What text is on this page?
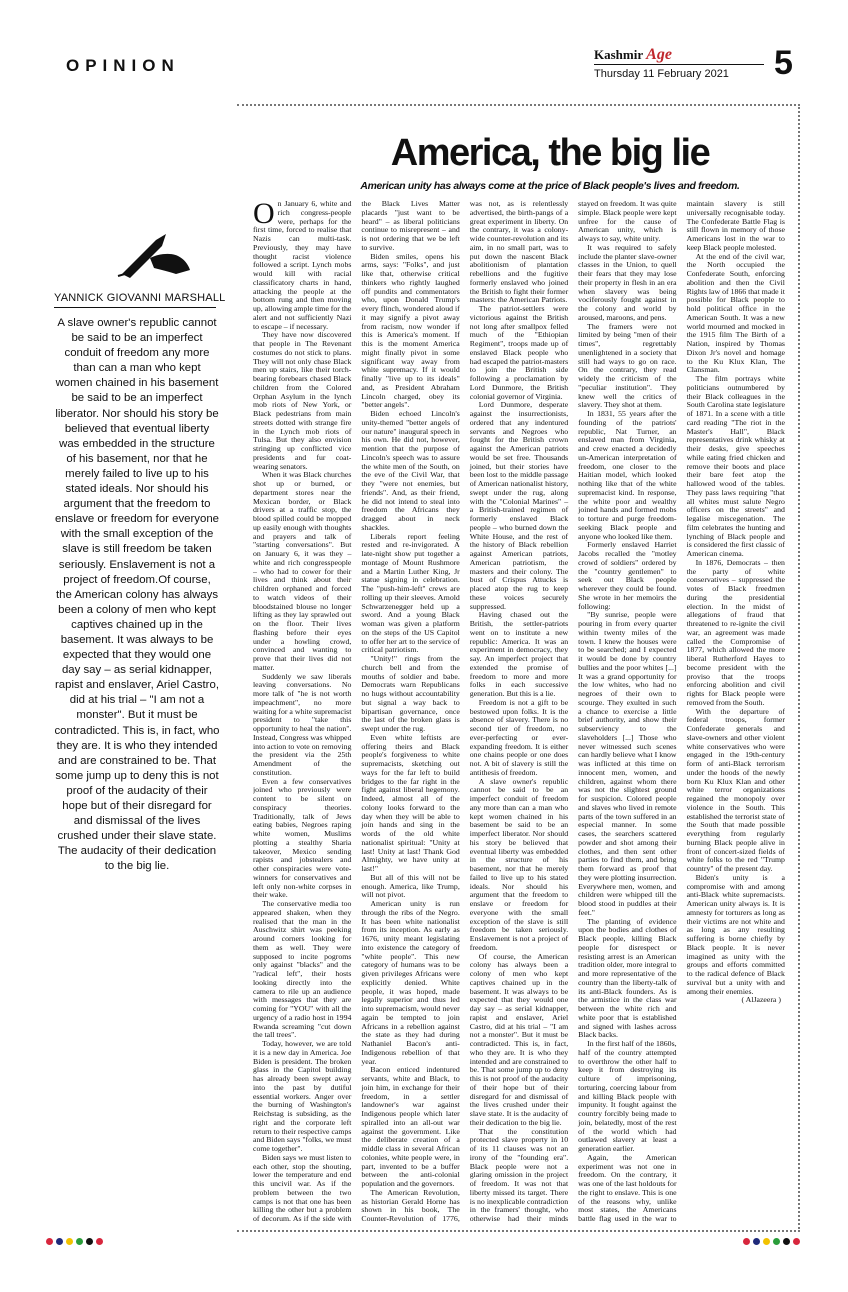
OPINION
Kashmir Age
Thursday 11 February 2021	5
YANNICK GIOVANNI MARSHALL
A slave owner's republic cannot be said to be an imperfect conduit of freedom any more than can a man who kept women chained in his basement be said to be an imperfect liberator. Nor should his story be believed that eventual liberty was embedded in the structure of his basement, nor that he merely failed to live up to his stated ideals. Nor should his argument that the freedom to enslave or freedom for everyone with the small exception of the slave is still freedom be taken seriously. Enslavement is not a project of freedom.Of course, the American colony has always been a colony of men who kept captives chained up in the basement. It was always to be expected that they would one day say – as serial kidnapper, rapist and enslaver, Ariel Castro, did at his trial – "I am not a monster". But it must be contradicted. This is, in fact, who they are. It is who they intended and are constrained to be. That some jump up to deny this is not proof of the audacity of their hope but of their disregard for and dismissal of the lives crushed under their slave state. The audacity of their dedication to the big lie.
America, the big lie
American unity has always come at the price of Black people's lives and freedom.

On January 6, white and rich congress-people were, perhaps for the first time, forced to realise that Nazis can multi-task. Previously, they may have thought racist violence followed a script. Lynch mobs would kill with racial classificatory charts in hand, attacking the people at the bottom rung and then moving up, allowing ample time for the alert and not sufficiently Nazi to escape – if necessary.

They have now discovered that people in The Revenant costumes do not stick to plans. They will not only chase Black men up stairs, like their torch-bearing forebears chased Black children from the Colored Orphan Asylum in the lynch mob riots of New York, or Black pedestrians from main streets dotted with strange fire in the Lynch mob riots of Tulsa. But they also envision stringing up conflicted vice presidents and fur coat-wearing senators.

When it was Black churches shot up or burned, or department stores near the Mexican border, or Black drivers at a traffic stop, the blood spilled could be mopped up easily enough with thoughts and prayers and talk of "starting conversations". But on January 6, it was they – white and rich congresspeople – who had to cower for their lives and think about their children orphaned and forced to watch videos of their bloodstained blouse no longer lifting as they lay sprawled out on the floor. Their lives flashing before their eyes under a howling crowd, convinced and wanting to prove that their lives did not matter.

Suddenly we saw liberals leaving conversations. No more talk of "he is not worth impeachment", no more waiting for a white supremacist president to "take this opportunity to heal the nation". Instead, Congress was whipped into action to vote on removing the president via the 25th Amendment of the constitution.

Even a few conservatives joined who previously were content to be silent on conspiracy theories. Traditionally, talk of Jews eating babies, Negroes raping white women, Muslims plotting a stealthy Sharia takeover, Mexico sending rapists and jobstealers and other conspiracies were vote-winners for conservatives and left only non-white corpses in their wake.

The conservative media too appeared shaken, when they realised that the man in the Auschwitz shirt was peeking around corners looking for them as well. They were supposed to incite pogroms only against "blacks" and the "radical left", their hosts looking directly into the camera to rile up an audience with messages that they are coming for "YOU" with all the urgency of a radio host in 1994 Rwanda screaming "cut down the tall trees".

Today, however, we are told it is a new day in America. Joe Biden is president. The broken glass in the Capitol building has already been swept away into the past by dutiful essential workers. Anger over the burning of Washington's Reichstag is subsiding, as the right and the corporate left return to their respective camps and Biden says "folks, we must come together".

Biden says we must listen to each other, stop the shouting, lower the temperature and end this uncivil war. As if the problem between the two camps is not that one has been killing the other but a problem of decorum. As if the side with the Black Lives Matter placards "just want to be heard" – as liberal politicians continue to misrepresent – and is not ordering that we be left to survive.

Biden smiles, opens his arms, says: "Folks", and just like that, otherwise critical thinkers who rightly laughed off pundits and commentators who, upon Donald Trump's every flinch, wondered aloud if it may signify a pivot away from racism, now wonder if this is America's moment. If this is the moment America might finally pivot in some significant way away from white supremacy. If it would finally "live up to its ideals" and, as President Abraham Lincoln charged, obey its "better angels".

Biden echoed Lincoln's unity-themed "better angels of our nature" inaugural speech in his own. He did not, however, mention that the purpose of Lincoln's speech was to assure the white men of the South, on the eve of the Civil War, that they "were not enemies, but friends". And, as their friend, he did not intend to steal into freedom the Africans they dragged about in neck shackles.

Liberals report feeling rested and re-invigorated. A late-night show put together a montage of Mount Rushmore and a Martin Luther King, Jr statue signing in celebration. The "push-him-left" crews are rolling up their sleeves. Arnold Schwarzenegger held up a sword. And a young Black woman was given a platform on the steps of the US Capitol to offer her art to the service of critical patriotism.

"Unity!" rings from the church bell and from the mouths of soldier and babe. Democrats warn Republicans no hugs without accountability but signal a way back to bipartisan governance, once the last of the broken glass is swept under the rug.

Even white leftists are offering theirs and Black people's forgiveness to white supremacists, sketching out ways for the far left to build bridges to the far right in the fight against liberal hegemony. Indeed, almost all of the colony looks forward to the day when they will be able to join hands and sing in the words of the old white nationalist spiritual: "Unity at last! Unity at last! Thank God Almighty, we have unity at last!"

But all of this will not be enough. America, like Trump, will not pivot.

American unity is run through the ribs of the Negro. It has been white nationalist from its inception. As early as 1676, unity meant legislating into existence the category of "white people". This new category of humans was to be given privileges Africans were explicitly denied. White people, it was hoped, made legally superior and thus led into supremacism, would never again be tempted to join Africans in a rebellion against the state as they had during Nathaniel Bacon's anti-Indigenous rebellion of that year.

Bacon enticed indentured servants, white and Black, to join him, in exchange for their freedom, in a settler landowner's war against Indigenous people which later spiralled into an all-out war against the government. Like the deliberate creation of a middle class in several African colonies, white people were, in part, invented to be a buffer between the anti-colonial population and the governors.

The American Revolution, as historian Gerald Horne has shown in his book, The Counter-Revolution of 1776, was not, as is relentlessly advertised, the birth-pangs of a great experiment in liberty. On the contrary, it was a colony-wide counter-revolution and its aim, in no small part, was to put down the nascent Black abolitionism of plantation rebellions and the fugitive formerly enslaved who joined the British to fight their former masters: the American Patriots.

The patriot-settlers were victorious against the British not long after smallpox felled much of the "Ethiopian Regiment", troops made up of enslaved Black people who had escaped the patriot-masters to join the British side following a proclamation by Lord Dunmore, the British colonial governor of Virginia.

Lord Dunmore, desperate against the insurrectionists, ordered that any indentured servants and Negroes who fought for the British crown against the American patriots would be set free. Thousands joined, but their stories have been lost to the middle passage of American nationalist history, swept under the rug, along with the "Colonial Marines" – a British-trained regimen of formerly enslaved Black people – who burned down the White House, and the rest of the history of Black rebellion against American patriots, American patriotism, the masters and their colony. The bust of Crispus Attucks is placed atop the rug to keep these voices securely suppressed.

Having chased out the British, the settler-patriots went on to institute a new republic: America. It was an experiment in democracy, they say. An imperfect project that extended the promise of freedom to more and more folks in each successive generation. But this is a lie.

Freedom is not a gift to be bestowed upon folks. It is the absence of slavery. There is no second tier of freedom, no ever-perfecting or ever-expanding freedom. It is either one chains people or one does not. A bit of slavery is still the antithesis of freedom.

A slave owner's republic cannot be said to be an imperfect conduit of freedom any more than can a man who kept women chained in his basement be said to be an imperfect liberator. Nor should his story be believed that eventual liberty was embedded in the structure of his basement, nor that he merely failed to live up to his stated ideals. Nor should his argument that the freedom to enslave or freedom for everyone with the small exception of the slave is still freedom be taken seriously. Enslavement is not a project of freedom.

Of course, the American colony has always been a colony of men who kept captives chained up in the basement. It was always to be expected that they would one day say – as serial kidnapper, rapist and enslaver, Ariel Castro, did at his trial – "I am not a monster". But it must be contradicted. This is, in fact, who they are. It is who they intended and are constrained to be. That some jump up to deny this is not proof of the audacity of their hope but of their disregard for and dismissal of the lives crushed under their slave state. It is the audacity of their dedication to the big lie.

That the constitution protected slave property in 10 of its 11 clauses was not an irony of the "founding era". Black people were not a glaring omission in the project of freedom. It was not that liberty missed its target. There is no inexplicable contradiction in the framers' thought, who otherwise had their minds stayed on freedom. It was quite simple. Black people were kept unfree for the cause of American unity, which is always to say, white unity.

It was required to safely include the planter slave-owner classes in the Union, to quell their fears that they may lose their property in flesh in an era when slavery was being vociferously fought against in the colony and world by aroused, maroons, and pens.

The framers were not limited by being "men of their times", regrettably unenlightened in a society that still had ways to go on race. On the contrary, they read widely the criticism of the "peculiar institution". They knew well the critics of slavery. They shot at them.

In 1831, 55 years after the founding of the patriots' republic, Nat Turner, an enslaved man from Virginia, and crew enacted a decidedly un-American interpretation of freedom, one closer to the Haitian model, which looked nothing like that of the white supremacist kind. In response, the white poor and wealthy joined hands and formed mobs to torture and purge freedom-seeking Black people and anyone who looked like them.

Formerly enslaved Harriet Jacobs recalled the "motley crowd of soldiers" ordered by the "country gentlemen" to seek out Black people wherever they could be found. She wrote in her memoirs the following:

"By sunrise, people were pouring in from every quarter within twenty miles of the town. I knew the houses were to be searched; and I expected it would be done by country bullies and the poor whites [...] It was a grand opportunity for the low whites, who had no negroes of their own to scourge. They exulted in such a chance to exercise a little brief authority, and show their subserviency to the slaveholders [...] Those who never witnessed such scenes can hardly believe what I know was inflicted at this time on innocent men, women, and children, against whom there was not the slightest ground for suspicion. Colored people and slaves who lived in remote parts of the town suffered in an especial manner. In some cases, the searchers scattered powder and shot among their clothes, and then sent other parties to find them, and bring them forward as proof that they were plotting insurrection. Everywhere men, women, and children were whipped till the blood stood in puddles at their feet."

The planting of evidence upon the bodies and clothes of Black people, killing Black people for disrespect or resisting arrest is an American tradition older, more integral to and more representative of the country than the liberty-talk of its anti-Black founders. As is the armistice in the class war between the white rich and white poor that is established and signed with lashes across Black backs.

In the first half of the 1860s, half of the country attempted to overthrow the other half to keep it from destroying its culture of imprisoning, torturing, coercing labour from and killing Black people with impunity. It fought against the country forcibly being made to join, belatedly, most of the rest of the world which had outlawed slavery at least a generation earlier.

Again, the American experiment was not one in freedom. On the contrary, it was one of the last holdouts for the right to enslave. This is one of the reasons why, unlike most states, the Americans battle flag used in the war to maintain slavery is still universally recognisable today. The Confederate Battle Flag is still flown in memory of those Americans lost in the war to keep Black people molested.

At the end of the civil war, the North occupied the Confederate South, enforcing abolition and then the Civil Rights law of 1866 that made it possible for Black people to hold political office in the American South. It was a new world mourned and mocked in the 1915 film The Birth of a Nation, inspired by Thomas Dixon Jr's novel and homage to the Ku Klux Klan, The Clansman.

The film portrays white politicians outnumbered by their Black colleagues in the South Carolina state legislature of 1871. In a scene with a title card reading "The riot in the Master's Hall", Black representatives drink whisky at their desks, give speeches while eating fried chicken and remove their boots and place their bare feet atop the hallowed wood of the tables. They pass laws requiring "that all whites must salute Negro officers on the streets" and legalise miscegenation. The film celebrates the hunting and lynching of Black people and is considered the first classic of American cinema.

In 1876, Democrats – then the party of white conservatives – suppressed the votes of Black freedmen during the presidential election. In the midst of allegations of fraud that threatened to re-ignite the civil war, an agreement was made called the Compromise of 1877, which allowed the more liberal Rutherford Hayes to become president with the proviso that the troops enforcing abolition and civil rights for Black people were removed from the South.

With the departure of federal troops, former Confederate generals and slave-owners and other violent white conservatives who were engaged in the 19th-century form of anti-Black terrorism under the hoods of the newly born Ku Klux Klan and other white terror organizations regained the monopoly over violence in the South. This established the terrorist state of the South that made possible everything from regularly burning Black people alive in front of concert-sized fields of white folks to the red "Trump country" of the present day.

Biden's unity is a compromise with and among anti-Black white supremacists. American unity always is. It is amnesty for torturers as long as their victims are not white and as long as any resulting suffering is borne chiefly by Black people. It is never imagined as unity with the groups and efforts committed to the radical defence of Black survival but a unity with and among their enemies.

( AlJazeera )
